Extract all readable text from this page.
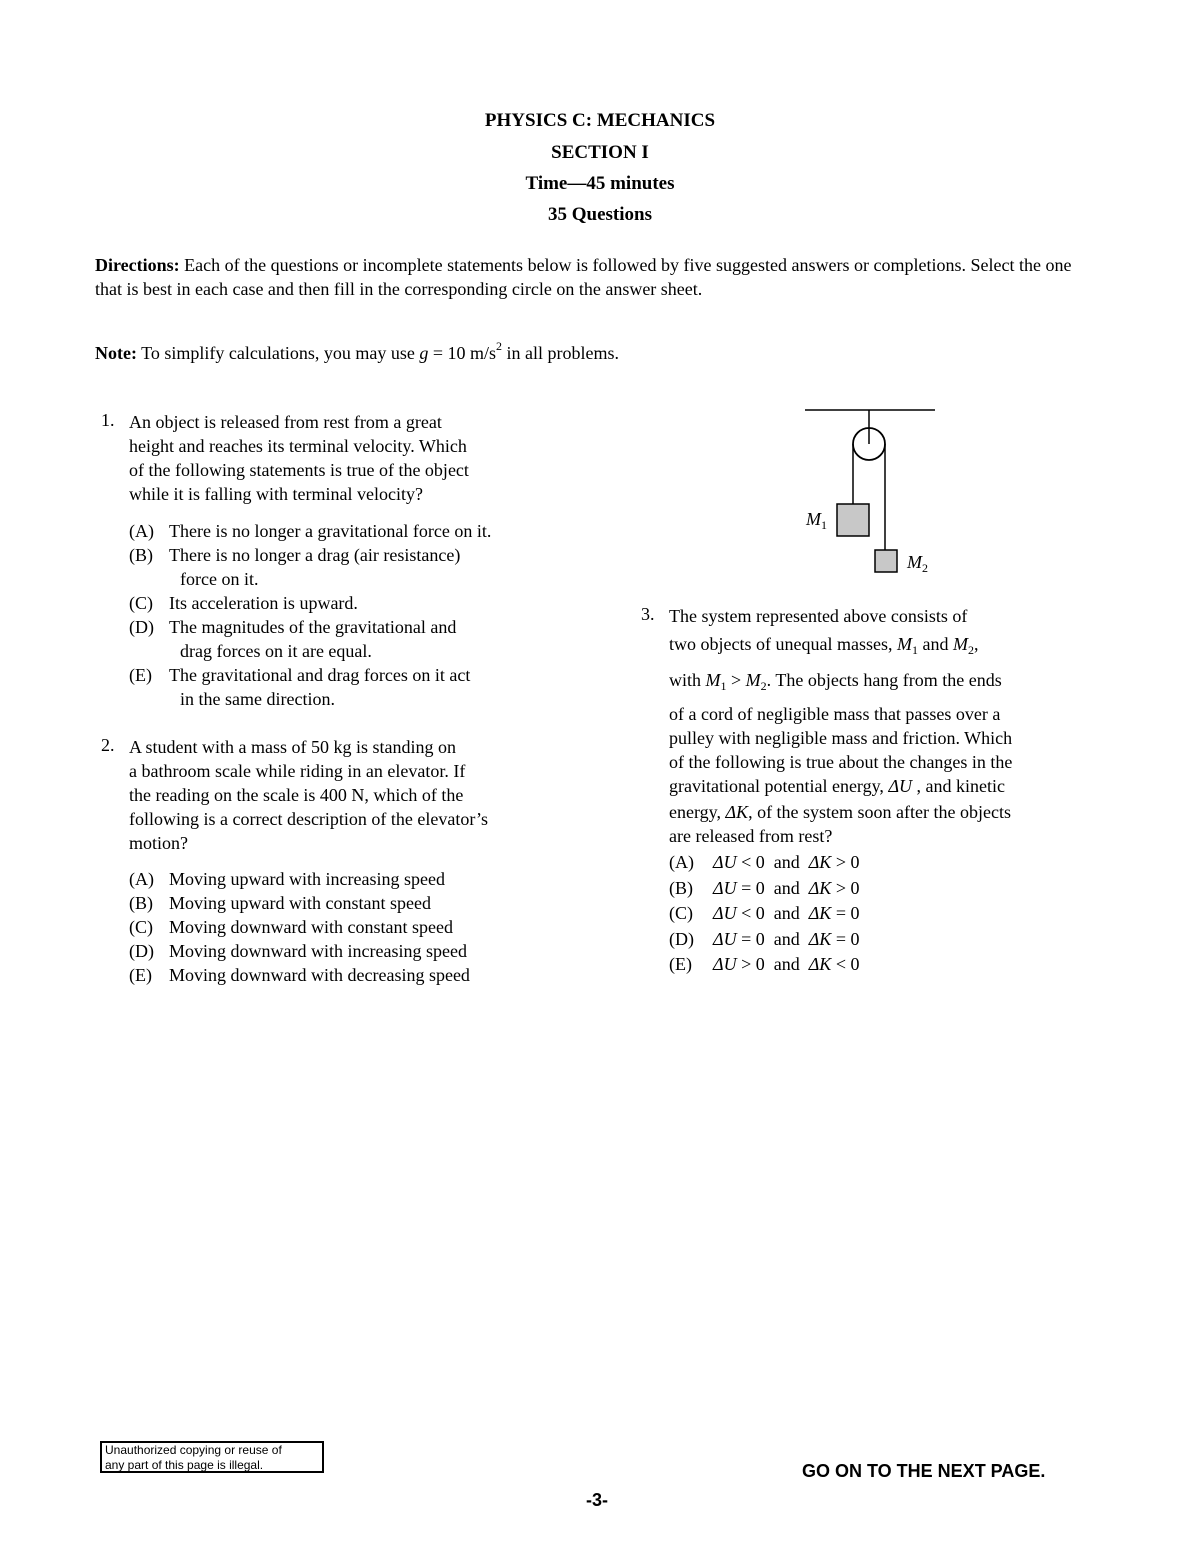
PHYSICS C: MECHANICS
SECTION I
Time—45 minutes
35 Questions
Directions: Each of the questions or incomplete statements below is followed by five suggested answers or completions. Select the one that is best in each case and then fill in the corresponding circle on the answer sheet.
Note: To simplify calculations, you may use g = 10 $m/s^2$ in all problems.
1. An object is released from rest from a great
height and reaches its terminal velocity. Which
of the following statements is true of the object
while it is falling with terminal velocity?
(A) There is no longer a gravitational force on it.
(B) There is no longer a drag (air resistance)
force on it.
(C) Its acceleration is upward.
(D) The magnitudes of the gravitational and
drag forces on it are equal.
(E) The gravitational and drag forces on it act
in the same direction.
2. A student with a mass of 50 kg is standing on
a bathroom scale while riding in an elevator. If
the reading on the scale is 400 N, which of the
following is a correct description of the elevator’s
motion?
(A) Moving upward with increasing speed
(B) Moving upward with constant speed
(C) Moving downward with constant speed
(D) Moving downward with increasing speed
(E) Moving downward with decreasing speed
$M_1$
$M_2$
3. The system represented above consists of
two objects of unequal masses, $M_1$ and $M_2$,
with $M_1 > M_2$. The objects hang from the ends
of a cord of negligible mass that passes over a
pulley with negligible mass and friction. Which
of the following is true about the changes in the
gravitational potential energy, ΔU , and kinetic
energy, ΔK, of the system soon after the objects
are released from rest?
(A) ΔU < 0 and ΔK > 0
(B) ΔU = 0 and ΔK > 0
(C) ΔU < 0 and ΔK = 0
(D) ΔU = 0 and ΔK = 0
(E) ΔU > 0 and ΔK < 0
Unauthorized copying or reuse of
any part of this page is illegal.	GO ON TO THE NEXT PAGE.
-3-
